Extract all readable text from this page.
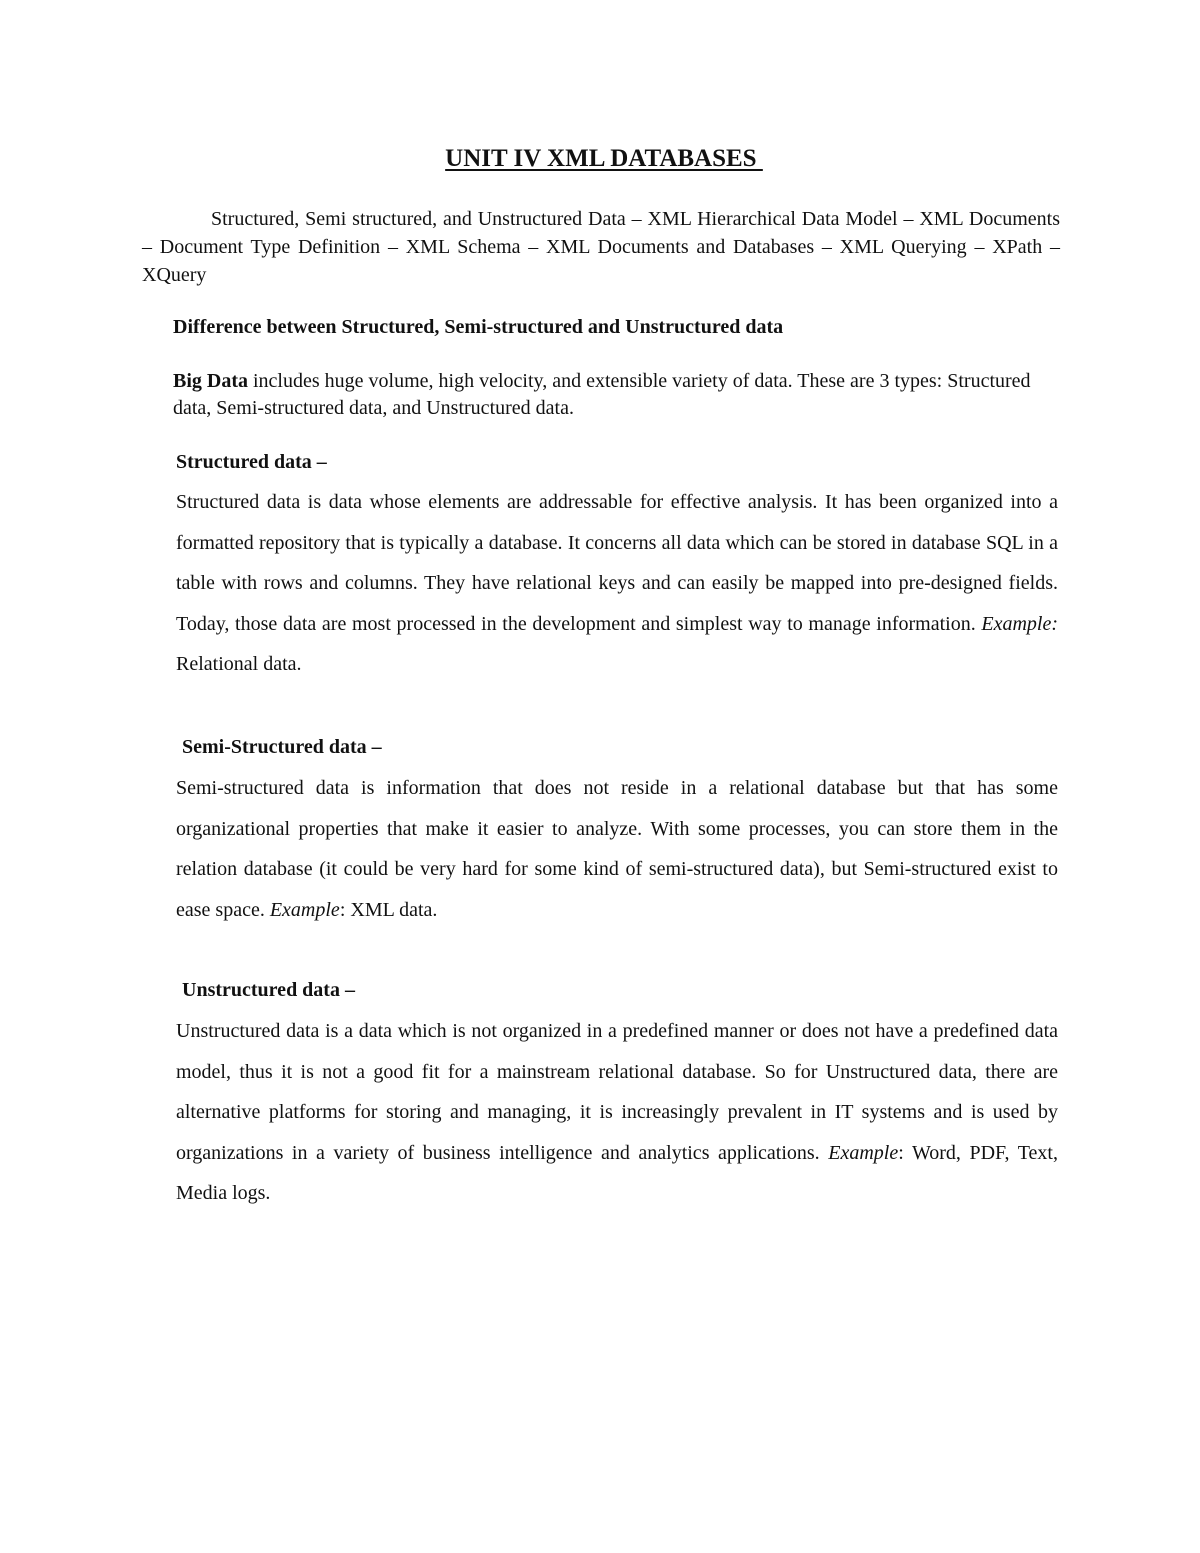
UNIT IV XML DATABASES

Structured, Semi structured, and Unstructured Data – XML Hierarchical Data Model – XML Documents – Document Type Definition – XML Schema – XML Documents and Databases – XML Querying – XPath – XQuery

Difference between Structured, Semi-structured and Unstructured data

Big Data includes huge volume, high velocity, and extensible variety of data. These are 3 types: Structured data, Semi-structured data, and Unstructured data.

Structured data –

Structured data is data whose elements are addressable for effective analysis. It has been organized into a formatted repository that is typically a database. It concerns all data which can be stored in database SQL in a table with rows and columns. They have relational keys and can easily be mapped into pre-designed fields. Today, those data are most processed in the development and simplest way to manage information. Example: Relational data.

Semi-Structured data –

Semi-structured data is information that does not reside in a relational database but that has some organizational properties that make it easier to analyze. With some processes, you can store them in the relation database (it could be very hard for some kind of semi-structured data), but Semi-structured exist to ease space. Example: XML data.

Unstructured data –

Unstructured data is a data which is not organized in a predefined manner or does not have a predefined data model, thus it is not a good fit for a mainstream relational database. So for Unstructured data, there are alternative platforms for storing and managing, it is increasingly prevalent in IT systems and is used by organizations in a variety of business intelligence and analytics applications. Example: Word, PDF, Text, Media logs.
